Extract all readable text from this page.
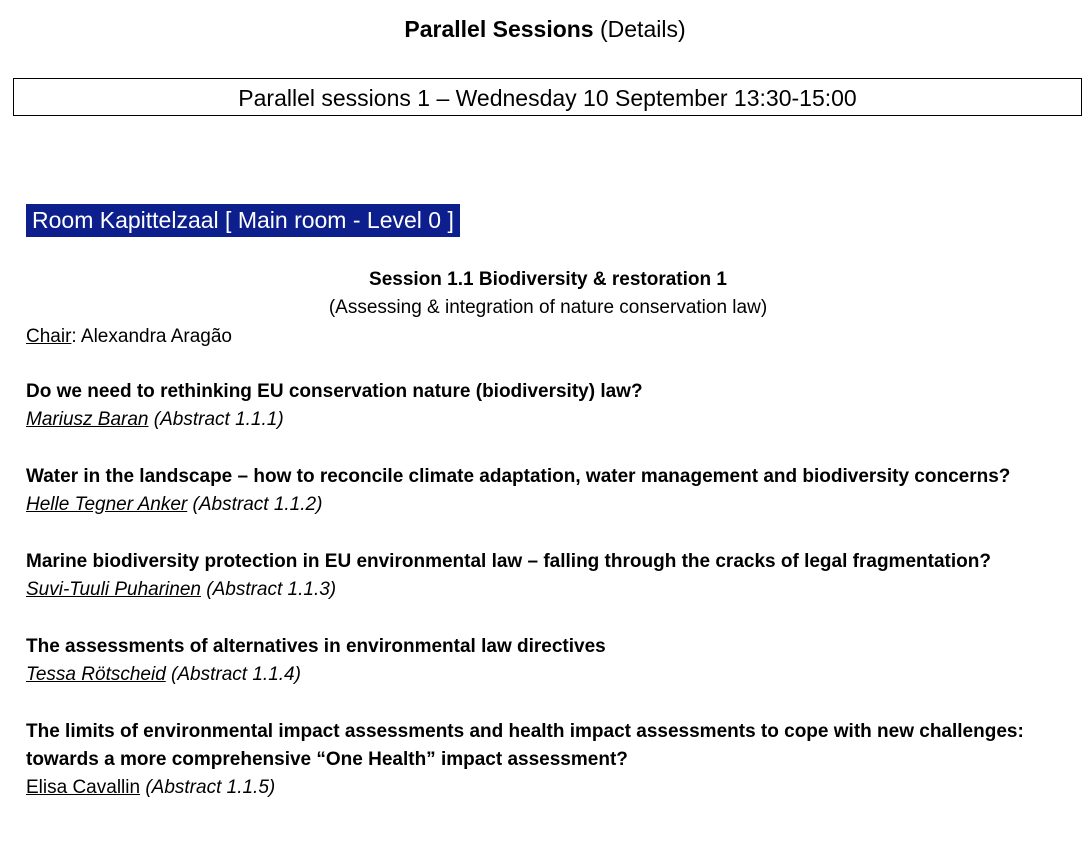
Parallel Sessions (Details)
Parallel sessions 1 – Wednesday 10 September 13:30-15:00
Room Kapittelzaal [ Main room - Level 0 ]
Session 1.1 Biodiversity & restoration 1
(Assessing & integration of nature conservation law)
Chair: Alexandra Aragão
Do we need to rethinking EU conservation nature (biodiversity) law?
Mariusz Baran (Abstract 1.1.1)
Water in the landscape – how to reconcile climate adaptation, water management and biodiversity concerns?
Helle Tegner Anker (Abstract 1.1.2)
Marine biodiversity protection in EU environmental law – falling through the cracks of legal fragmentation?
Suvi-Tuuli Puharinen (Abstract 1.1.3)
The assessments of alternatives in environmental law directives
Tessa Rötscheid (Abstract 1.1.4)
The limits of environmental impact assessments and health impact assessments to cope with new challenges: towards a more comprehensive “One Health” impact assessment?
Elisa Cavallin (Abstract 1.1.5)
